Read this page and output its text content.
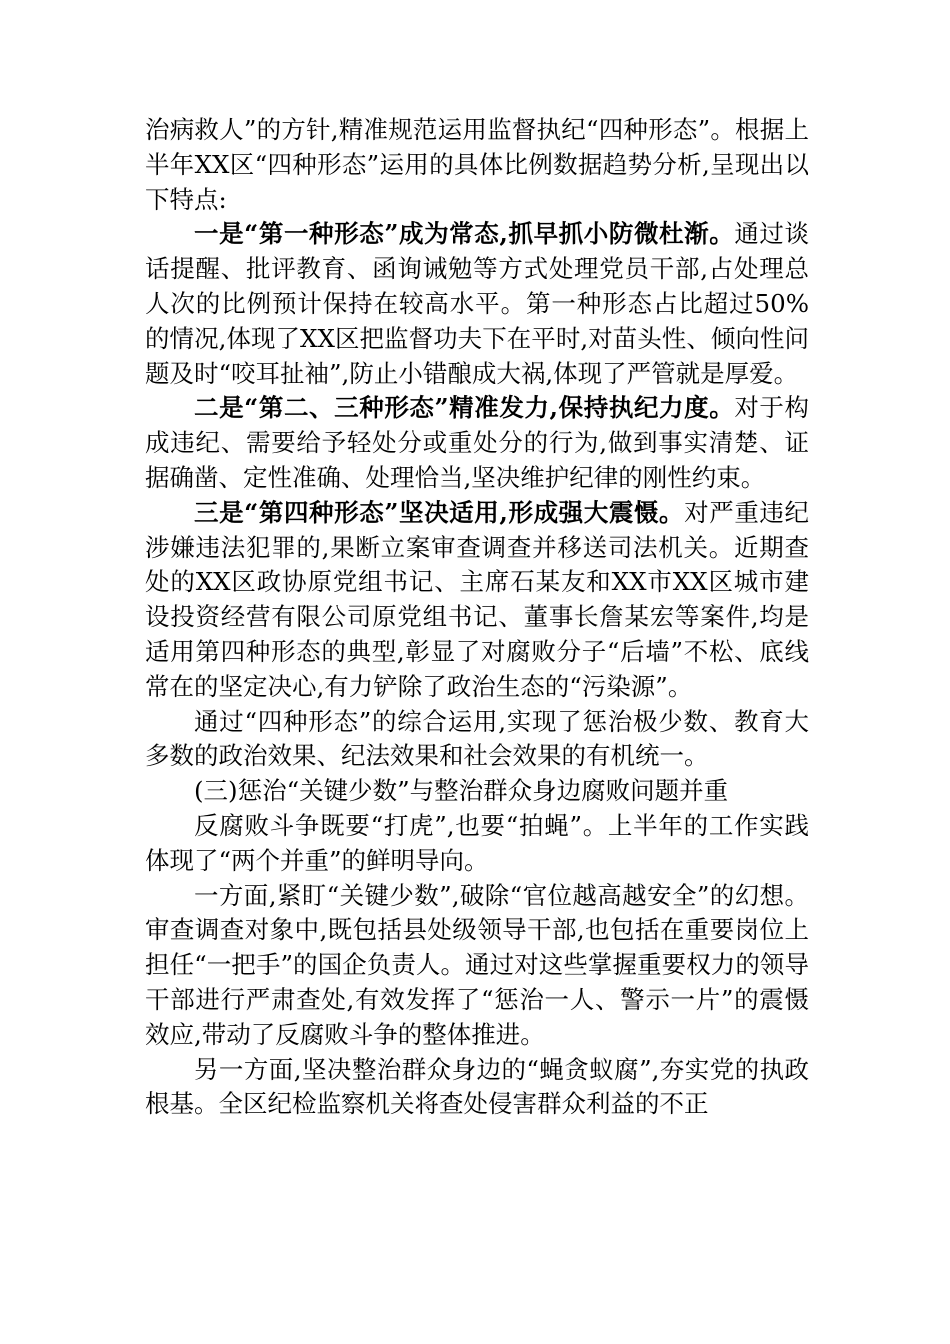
治病救人”的方针,精准规范运用监督执纪“四种形态”。根据上半年XX区“四种形态”运用的具体比例数据趋势分析,呈现出以下特点:

一是“第一种形态”成为常态,抓早抓小防微杜渐。通过谈话提醒、批评教育、函询诫勉等方式处理党员干部,占处理总人次的比例预计保持在较高水平。第一种形态占比超过50%的情况,体现了XX区把监督功夫下在平时,对苗头性、倾向性问题及时“咬耳扯袖”,防止小错酿成大祸,体现了严管就是厚爱。

二是“第二、三种形态”精准发力,保持执纪力度。对于构成违纪、需要给予轻处分或重处分的行为,做到事实清楚、证据确凿、定性准确、处理恰当,坚决维护纪律的刚性约束。

三是“第四种形态”坚决适用,形成强大震慑。对严重违纪涉嫌违法犯罪的,果断立案审查调查并移送司法机关。近期查处的XX区政协原党组书记、主席石某友和XX市XX区城市建设投资经营有限公司原党组书记、董事长詹某宏等案件,均是适用第四种形态的典型,彰显了对腐败分子“后墙”不松、底线常在的坚定决心,有力铲除了政治生态的“污染源”。

通过“四种形态”的综合运用,实现了惩治极少数、教育大多数的政治效果、纪法效果和社会效果的有机统一。

(三)惩治“关键少数”与整治群众身边腐败问题并重

反腐败斗争既要“打虎”,也要“拍蝇”。上半年的工作实践体现了“两个并重”的鲜明导向。

一方面,紧盯“关键少数”,破除“官位越高越安全”的幻想。审查调查对象中,既包括县处级领导干部,也包括在重要岗位上担任“一把手”的国企负责人。通过对这些掌握重要权力的领导干部进行严肃查处,有效发挥了“惩治一人、警示一片”的震慑效应,带动了反腐败斗争的整体推进。

另一方面,坚决整治群众身边的“蝇贪蚁腐”,夯实党的执政根基。全区纪检监察机关将查处侵害群众利益的不正
